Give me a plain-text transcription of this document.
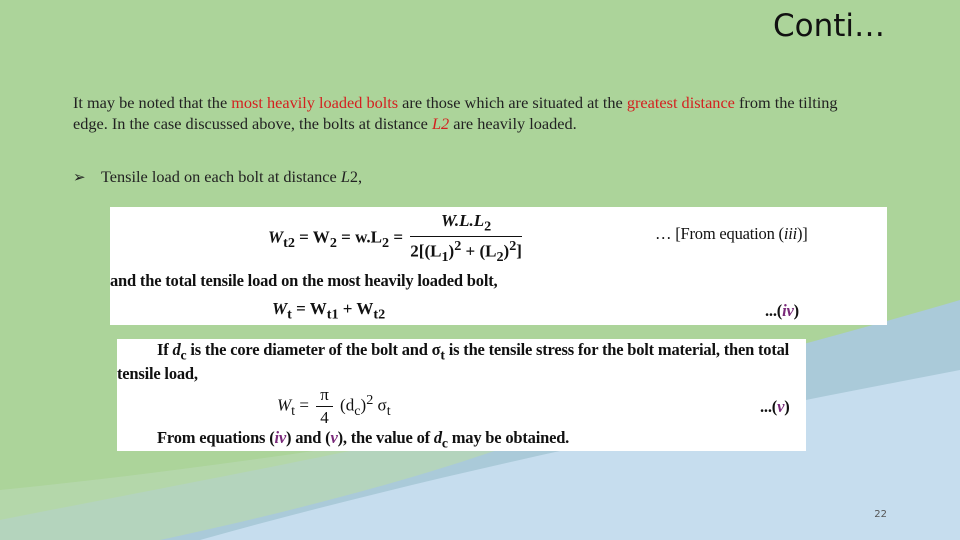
Conti…

It may be noted that the most heavily loaded bolts are those which are situated at the greatest distance from the tilting edge. In the case discussed above, the bolts at distance L2 are heavily loaded.

➢ Tensile load on each bolt at distance L2,
$W_{t2} = W_2 = w.L_2 = \frac{W.L.L_2}{2[(L_1)^2 + (L_2)^2]}$	… [From equation (iii)]
and the total tensile load on the most heavily loaded bolt,
$W_t = W_{t1} + W_{t2}$	...(iv)
If $d_c$ is the core diameter of the bolt and $\sigma_t$ is the tensile stress for the bolt material, then total
tensile load,
$W_t = \frac{\pi}{4} (d_c)^2$ $\sigma_t$	...(v)
From equations (iv) and (v), the value of $d_c$ may be obtained.
22
